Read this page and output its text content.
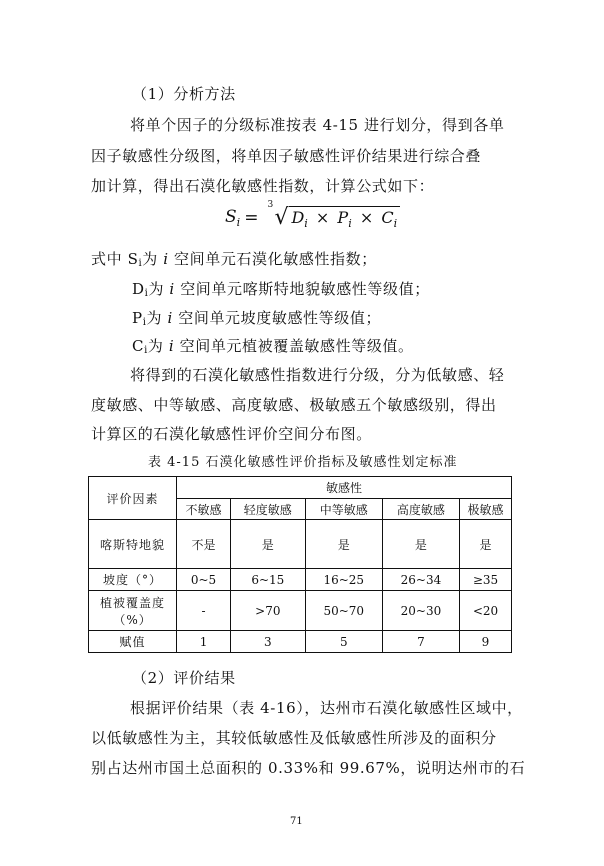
（1）分析方法
将单个因子的分级标准按表 4-15 进行划分，得到各单
因子敏感性分级图，将单因子敏感性评价结果进行综合叠
加计算，得出石漠化敏感性指数，计算公式如下：
$S_i$ =
3 √ $D_i \times P_i \times C_i$
式中 Si为 i 空间单元石漠化敏感性指数；
Di为 i 空间单元喀斯特地貌敏感性等级值；
Pi为 i 空间单元坡度敏感性等级值；
Ci为 i 空间单元植被覆盖敏感性等级值。
将得到的石漠化敏感性指数进行分级，分为低敏感、轻
度敏感、中等敏感、高度敏感、极敏感五个敏感级别，得出
计算区的石漠化敏感性评价空间分布图。
表 4-15 石漠化敏感性评价指标及敏感性划定标准
评价因素	敏感性				
	不敏感	轻度敏感	中等敏感	高度敏感	极敏感
喀斯特地貌	不是	是	是	是	是
坡度（°）	0~5	6~15	16~25	26~34	≥35

植被覆盖度
（%）	-	>70	50~70	20~30	<20
赋值	1	3	5	7	9
（2）评价结果
根据评价结果（表 4-16），达州市石漠化敏感性区域中，
以低敏感性为主，其较低敏感性及低敏感性所涉及的面积分
别占达州市国土总面积的 0.33%和 99.67%，说明达州市的石
71
